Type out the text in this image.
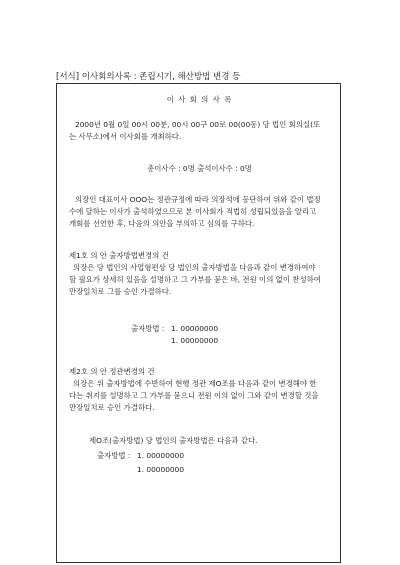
[서식] 이사회의사록 : 존립시기, 해산방법 변경 등
이 사 회 의 사 록
2000년 0월 0일 00시 00분, 00시 00구 00로 00(00동) 당 법인 회의실(또
는 사무소)에서 이사회를 개최하다.
총이사수 : 0명 출석이사수 : 0명
의장인 대표이사 OOO는 정관규정에 따라 의장석에 등단하여 위와 같이 법정
수에 달하는 이사가 출석하였으므로 본 이사회가 적법히 성립되었음을 알리고
개회를 선언한 후, 다음의 의안을 부의하고 심의를 구하다.
제1호 의 안 출자방법변경의 건
의장은 당 법인의 사업형편상 당 법인의 출자방법을 다음과 같이 변경하여야
할 필요가 상세히 있음을 설명하고 그 가부를 묻은 바, 전원 이의 없이 찬성하여
만장일치로 그를 승인 가결하다.
출자방법 : 1. 00000000
1. 00000000
제2호 의 안 정관변경의 건
의장은 위 출자방법에 수반하여 현행 정관 제O조를 다음과 같이 변경해야 한
다는 취지를 설명하고 그 가부를 묻으니 전원 이의 없이 그와 같이 변경할 것을
만장일치로 승인 가결하다.
제O조(출자방법) 당 법인의 출자방법은 다음과 같다.
출자방법 : 1. 00000000
1. 00000000
